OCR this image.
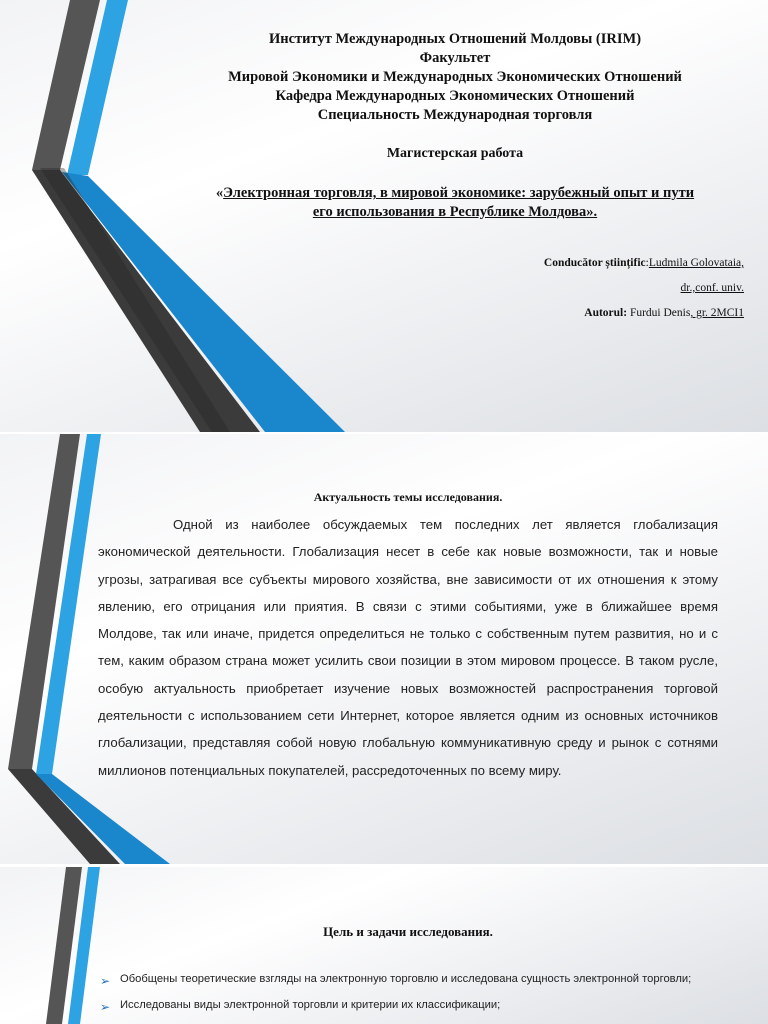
Институт Международных Отношений Молдовы (IRIM)
Факультет
Мировой Экономики и Международных Экономических Отношений
Кафедра Международных Экономических Отношений
Специальность Международная торговля
Магистерская работа
«Электронная торговля, в мировой экономике: зарубежный опыт и пути
его использования в Республике Молдова».
Conducător științific:Ludmila Golovataia,
dr.,conf. univ.
Autorul: Furdui Denis, gr. 2MCI1
Актуальность темы исследования.
Одной из наиболее обсуждаемых тем последних лет является глобализация экономической деятельности. Глобализация несет в себе как новые возможности, так и новые угрозы, затрагивая все субъекты мирового хозяйства, вне зависимости от их отношения к этому явлению, его отрицания или приятия. В связи с этими событиями, уже в ближайшее время Молдове, так или иначе, придется определиться не только с собственным путем развития, но и с тем, каким образом страна может усилить свои позиции в этом мировом процессе. В таком русле, особую актуальность приобретает изучение новых возможностей распространения торговой деятельности с использованием сети Интернет, которое является одним из основных источников глобализации, представляя собой новую глобальную коммуникативную среду и рынок с сотнями миллионов потенциальных покупателей, рассредоточенных по всему миру.
Цель и задачи исследования.
➢ Обобщены теоретические взгляды на электронную торговлю и исследована сущность электронной торговли;
➢ Исследованы виды электронной торговли и критерии их классификации;
